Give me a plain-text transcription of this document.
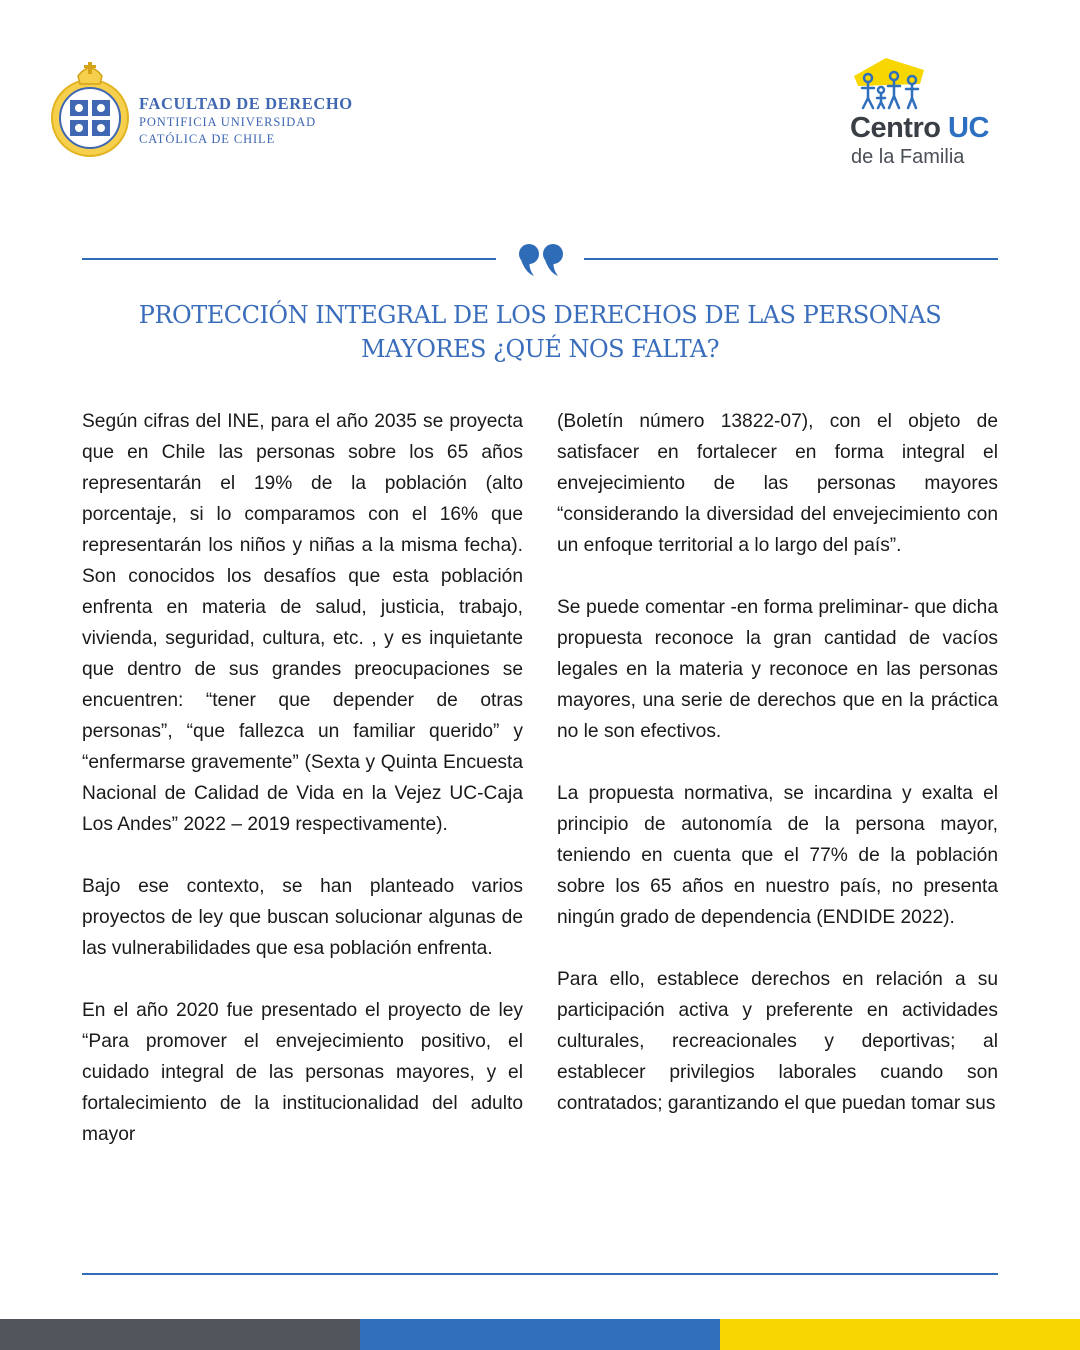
FACULTAD DE DERECHO
PONTIFICIA UNIVERSIDAD
CATÓLICA DE CHILE	Centro UC
de la Familia
PROTECCIÓN INTEGRAL DE LOS DERECHOS DE LAS PERSONAS
MAYORES ¿QUÉ NOS FALTA?

Según cifras del INE, para el año 2035 se proyecta que en Chile las personas sobre los 65 años representarán el 19% de la población (alto porcentaje, si lo comparamos con el 16% que representarán los niños y niñas a la misma fecha). Son conocidos los desafíos que esta población enfrenta en materia de salud, justicia, trabajo, vivienda, seguridad, cultura, etc. , y es inquietante que dentro de sus grandes preocupaciones se encuentren: “tener que depender de otras personas”, “que fallezca un familiar querido” y “enfermarse gravemente” (Sexta y Quinta Encuesta Nacional de Calidad de Vida en la Vejez UC-Caja Los Andes” 2022 – 2019 respectivamente).

Bajo ese contexto, se han planteado varios proyectos de ley que buscan solucionar algunas de las vulnerabilidades que esa población enfrenta.

En el año 2020 fue presentado el proyecto de ley “Para promover el envejecimiento positivo, el cuidado integral de las personas mayores, y el fortalecimiento de la institucionalidad del adulto mayor

(Boletín número 13822-07), con el objeto de satisfacer en fortalecer en forma integral el envejecimiento de las personas mayores “considerando la diversidad del envejecimiento con un enfoque territorial a lo largo del país”.

Se puede comentar -en forma preliminar- que dicha propuesta reconoce la gran cantidad de vacíos legales en la materia y reconoce en las personas mayores, una serie de derechos que en la práctica no le son efectivos.

La propuesta normativa, se incardina y exalta el principio de autonomía de la persona mayor, teniendo en cuenta que el 77% de la población sobre los 65 años en nuestro país, no presenta ningún grado de dependencia (ENDIDE 2022).

Para ello, establece derechos en relación a su participación activa y preferente en actividades culturales, recreacionales y deportivas; al establecer privilegios laborales cuando son contratados; garantizando el que puedan tomar sus
